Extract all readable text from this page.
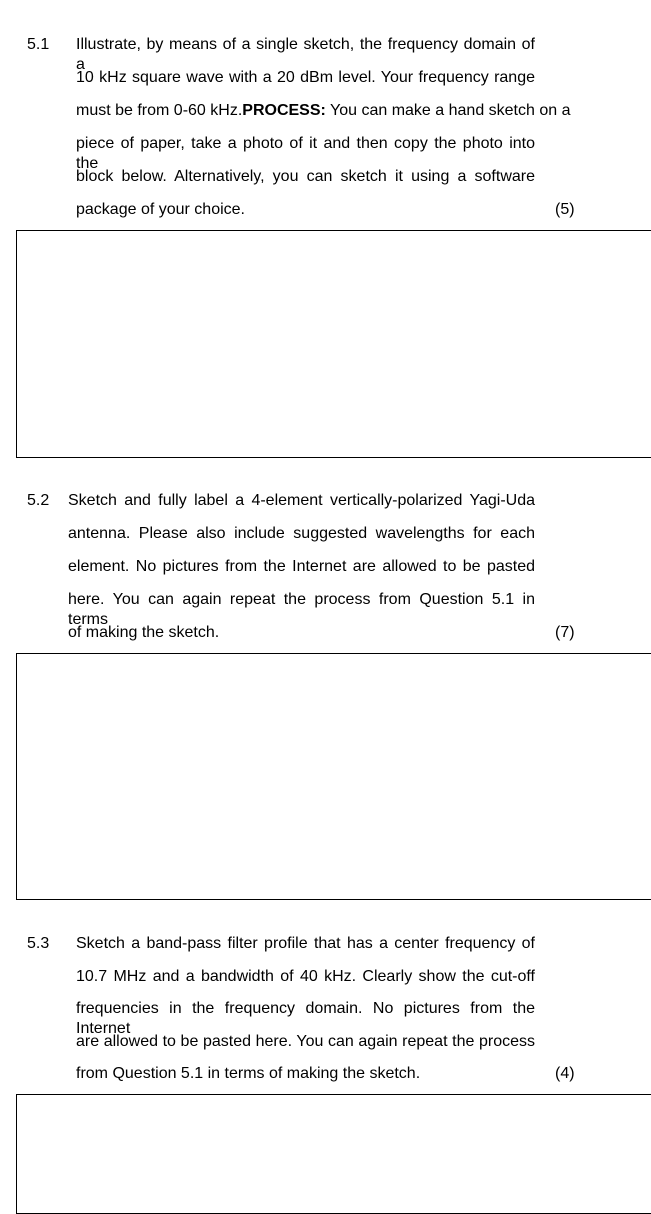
5.1 Illustrate, by means of a single sketch, the frequency domain of a
10 kHz square wave with a 20 dBm level. Your frequency range
must be from 0-60 kHz.PROCESS: You can make a hand sketch on a
piece of paper, take a photo of it and then copy the photo into the
block below. Alternatively, you can sketch it using a software
package of your choice.	(5)
5.2 Sketch and fully label a 4-element vertically-polarized Yagi-Uda
antenna. Please also include suggested wavelengths for each
element. No pictures from the Internet are allowed to be pasted
here. You can again repeat the process from Question 5.1 in terms
of making the sketch.	(7)
5.3 Sketch a band-pass filter profile that has a center frequency of
10.7 MHz and a bandwidth of 40 kHz. Clearly show the cut-off
frequencies in the frequency domain. No pictures from the Internet
are allowed to be pasted here. You can again repeat the process
from Question 5.1 in terms of making the sketch.	(4)
